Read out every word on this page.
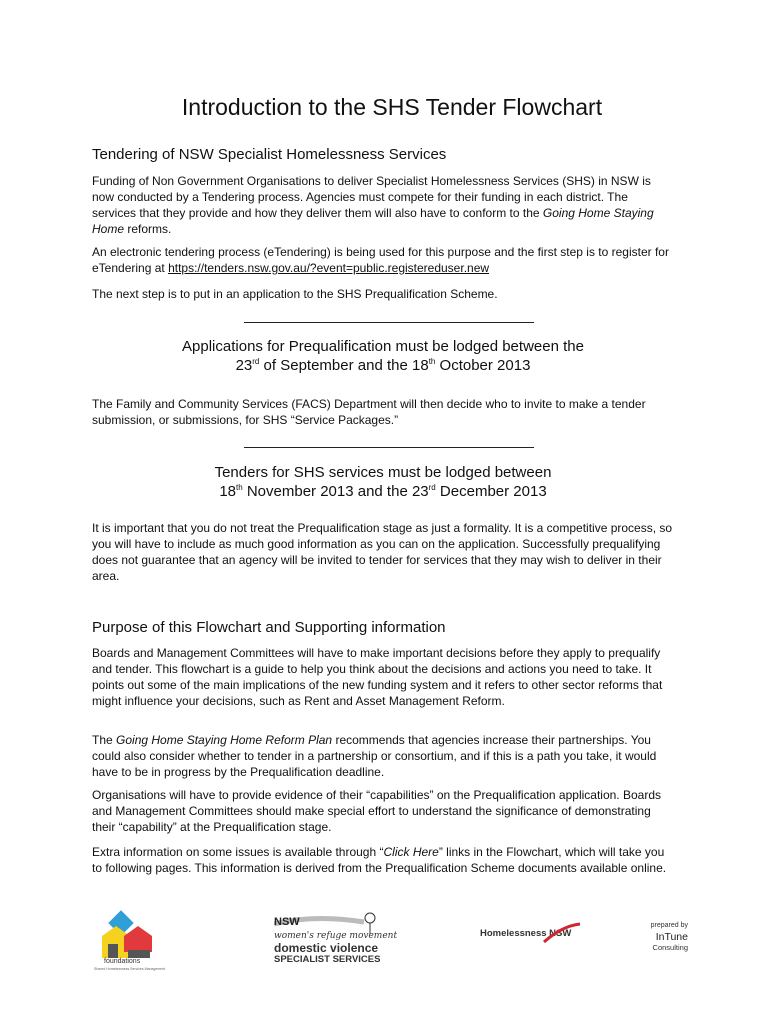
Introduction to the SHS Tender Flowchart
Tendering of NSW Specialist Homelessness Services

Funding of Non Government Organisations to deliver Specialist Homelessness Services (SHS) in NSW is now conducted by a Tendering process. Agencies must compete for their funding in each district. The services that they provide and how they deliver them will also have to conform to the Going Home Staying Home reforms.

An electronic tendering process (eTendering) is being used for this purpose and the first step is to register for eTendering at https://tenders.nsw.gov.au/?event=public.registereduser.new

The next step is to put in an application to the SHS Prequalification Scheme.

Applications for Prequalification must be lodged between the
23rd of September and the 18th October 2013

The Family and Community Services (FACS) Department will then decide who to invite to make a tender submission, or submissions, for SHS “Service Packages.”

Tenders for SHS services must be lodged between
18th November 2013 and the 23rd December 2013

It is important that you do not treat the Prequalification stage as just a formality. It is a competitive process, so you will have to include as much good information as you can on the application. Successfully prequalifying does not guarantee that an agency will be invited to tender for services that they may wish to deliver in their area.

Purpose of this Flowchart and Supporting information

Boards and Management Committees will have to make important decisions before they apply to prequalify and tender. This flowchart is a guide to help you think about the decisions and actions you need to take. It points out some of the main implications of the new funding system and it refers to other sector reforms that might influence your decisions, such as Rent and Asset Management Reform.

The Going Home Staying Home Reform Plan recommends that agencies increase their partnerships. You could also consider whether to tender in a partnership or consortium, and if this is a path you take, it would have to be in progress by the Prequalification deadline.

Organisations will have to provide evidence of their “capabilities” on the Prequalification application. Boards and Management Committees should make special effort to understand the significance of demonstrating their “capability” at the Prequalification stage.

Extra information on some issues is available through “Click Here” links in the Flowchart, which will take you to following pages. This information is derived from the Prequalification Scheme documents available online.

foundations
Shared Homelessness Services Management
NSW
women's refuge movement
domestic violence
SPECIALIST SERVICES
Homelessness NSW
prepared by
InTune
Consulting
